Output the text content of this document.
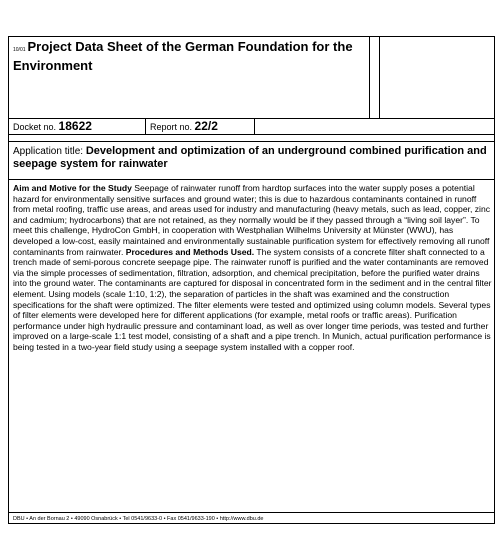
10/01 Project Data Sheet of the German Foundation for the Environment
Docket no. 18622	Report no. 22/2
Application title: Development and optimization of an underground combined purification and seepage system for rainwater
Aim and Motive for the Study Seepage of rainwater runoff from hardtop surfaces into the water supply poses a potential hazard for environmentally sensitive surfaces and ground water; this is due to hazardous contaminants contained in runoff from metal roofing, traffic use areas, and areas used for industry and manufacturing (heavy metals, such as lead, copper, zinc and cadmium; hydrocarbons) that are not retained, as they normally would be if they passed through a “living soil layer”. To meet this challenge, HydroCon GmbH, in cooperation with Westphalian Wilhelms University at Münster (WWU), has developed a low-cost, easily maintained and environmentally sustainable purification system for effectively removing all runoff contaminants from rainwater. Procedures and Methods Used. The system consists of a concrete filter shaft connected to a trench made of semi-porous concrete seepage pipe. The rainwater runoff is purified and the water contaminants are removed via the simple processes of sedimentation, filtration, adsorption, and chemical precipitation, before the purified water drains into the ground water. The contaminants are captured for disposal in concentrated form in the sediment and in the central filter element. Using models (scale 1:10, 1:2), the separation of particles in the shaft was examined and the construction specifications for the shaft were optimized. The filter elements were tested and optimized using column models. Several types of filter elements were developed here for different applications (for example, metal roofs or traffic areas). Purification performance under high hydraulic pressure and contaminant load, as well as over longer time periods, was tested and further improved on a large-scale 1:1 test model, consisting of a shaft and a pipe trench. In Munich, actual purification performance is being tested in a two-year field study using a seepage system installed with a copper roof.
DBU • An der Bornau 2 • 49090 Osnabrück • Tel 0541/9633-0 • Fax 0541/9633-190 • http://www.dbu.de
